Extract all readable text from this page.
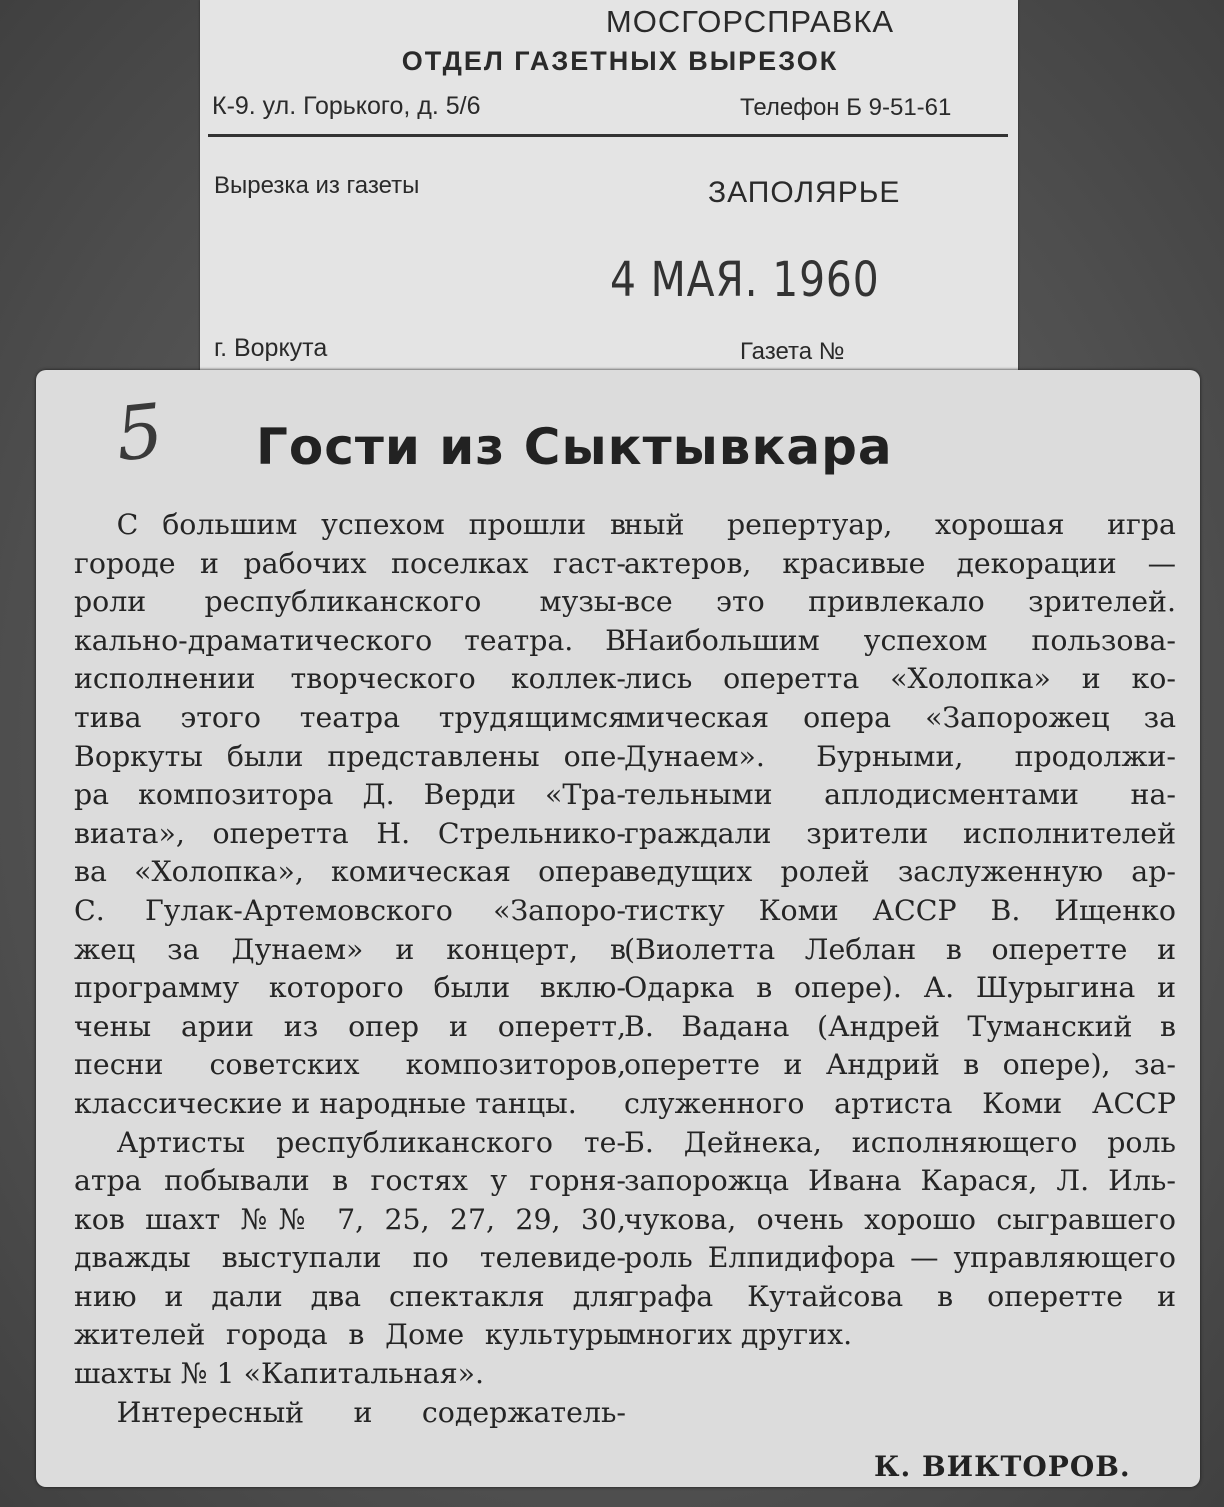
МОСГОРСПРАВКА
ОТДЕЛ ГАЗЕТНЫХ ВЫРЕЗОК
К-9. ул. Горького, д. 5/6	Телефон Б 9-51-61
Вырезка из газеты	ЗАПОЛЯРЬЕ
4 МАЯ. 1960
г. Воркута	Газета №
5 Гости из Сыктывкара
  С большим успехом прошли в
городе и рабочих поселках гаст-
роли республиканского музы-
кально-драматического театра. В
исполнении творческого коллек-
тива этого театра трудящимся
Воркуты были представлены опе-
ра композитора Д. Верди «Тра-
виата», оперетта Н. Стрельнико-
ва «Холопка», комическая опера
С. Гулак-Артемовского «Запоро-
жец за Дунаем» и концерт, в
программу которого были вклю-
чены арии из опер и оперетт,
песни советских композиторов,
классические и народные танцы.
  Артисты республиканского те-
атра побывали в гостях у горня-
ков шахт №№ 7, 25, 27, 29, 30,
дважды выступали по телевиде-
нию и дали два спектакля для
жителей города в Доме культуры
шахты № 1 «Капитальная».
  Интересный и содержатель-
ный репертуар, хорошая игра
актеров, красивые декорации —
все это привлекало зрителей.
Наибольшим успехом пользова-
лись оперетта «Холопка» и ко-
мическая опера «Запорожец за
Дунаем». Бурными, продолжи-
тельными аплодисментами на-
граждали зрители исполнителей
ведущих ролей заслуженную ар-
тистку Коми АССР В. Ищенко
(Виолетта Леблан в оперетте и
Одарка в опере). А. Шурыгина и
В. Вадана (Андрей Туманский в
оперетте и Андрий в опере), за-
служенного артиста Коми АССР
Б. Дейнека, исполняющего роль
запорожца Ивана Карася, Л. Иль-
чукова, очень хорошо сыгравшего
роль Елпидифора — управляющего
графа Кутайсова в оперетте и
многих других.
К. ВИКТОРОВ.
